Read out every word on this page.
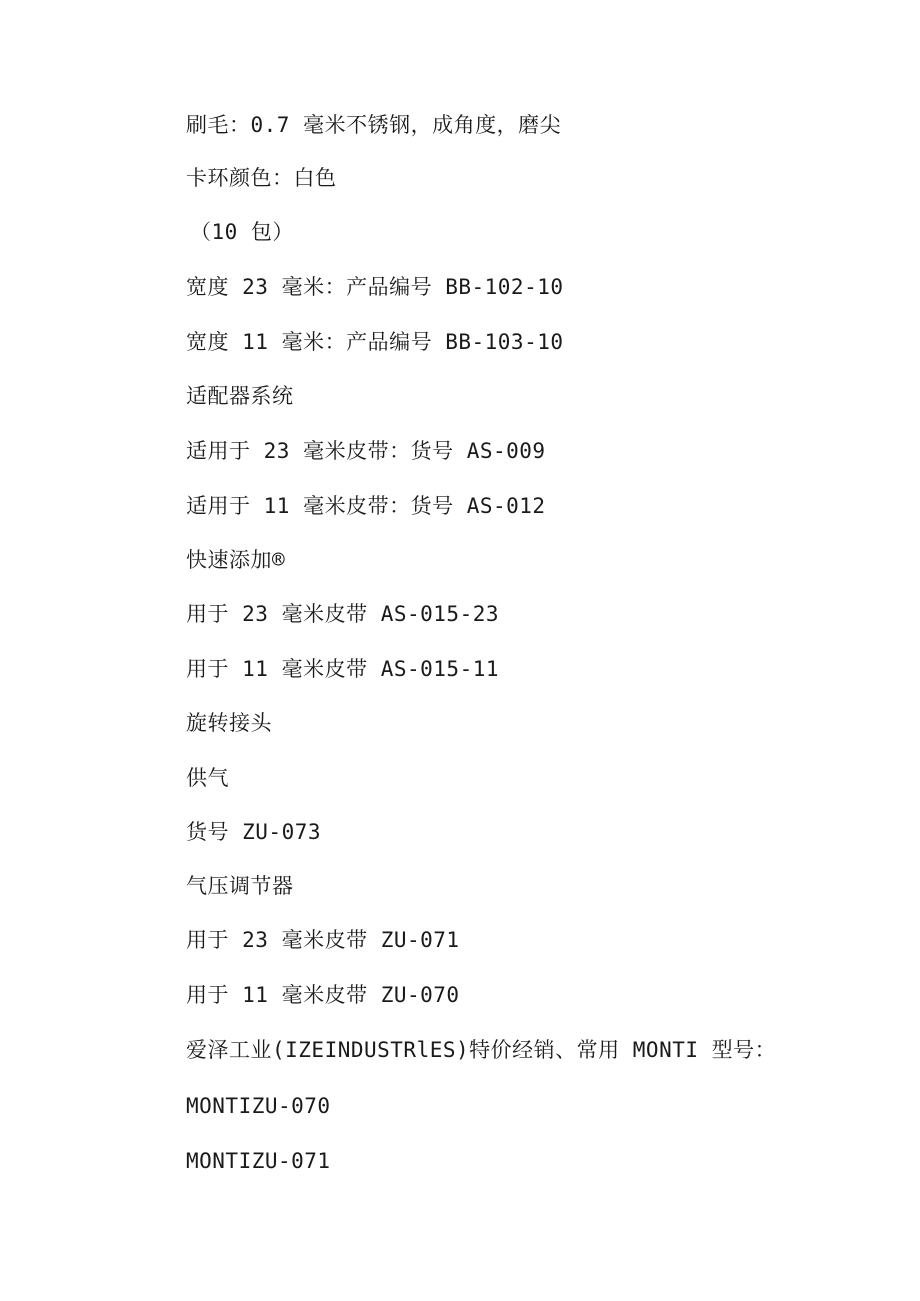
刷毛：0.7 毫米不锈钢，成角度，磨尖
卡环颜色：白色
（10 包）
宽度 23 毫米：产品编号 BB-102-10
宽度 11 毫米：产品编号 BB-103-10
适配器系统
适用于 23 毫米皮带：货号 AS-009
适用于 11 毫米皮带：货号 AS-012
快速添加®
用于 23 毫米皮带 AS-015-23
用于 11 毫米皮带 AS-015-11
旋转接头
供气
货号 ZU-073
气压调节器
用于 23 毫米皮带 ZU-071
用于 11 毫米皮带 ZU-070
爱泽工业(IZEINDUSTRlES)特价经销、常用 MONTI 型号：
MONTIZU-070
MONTIZU-071
